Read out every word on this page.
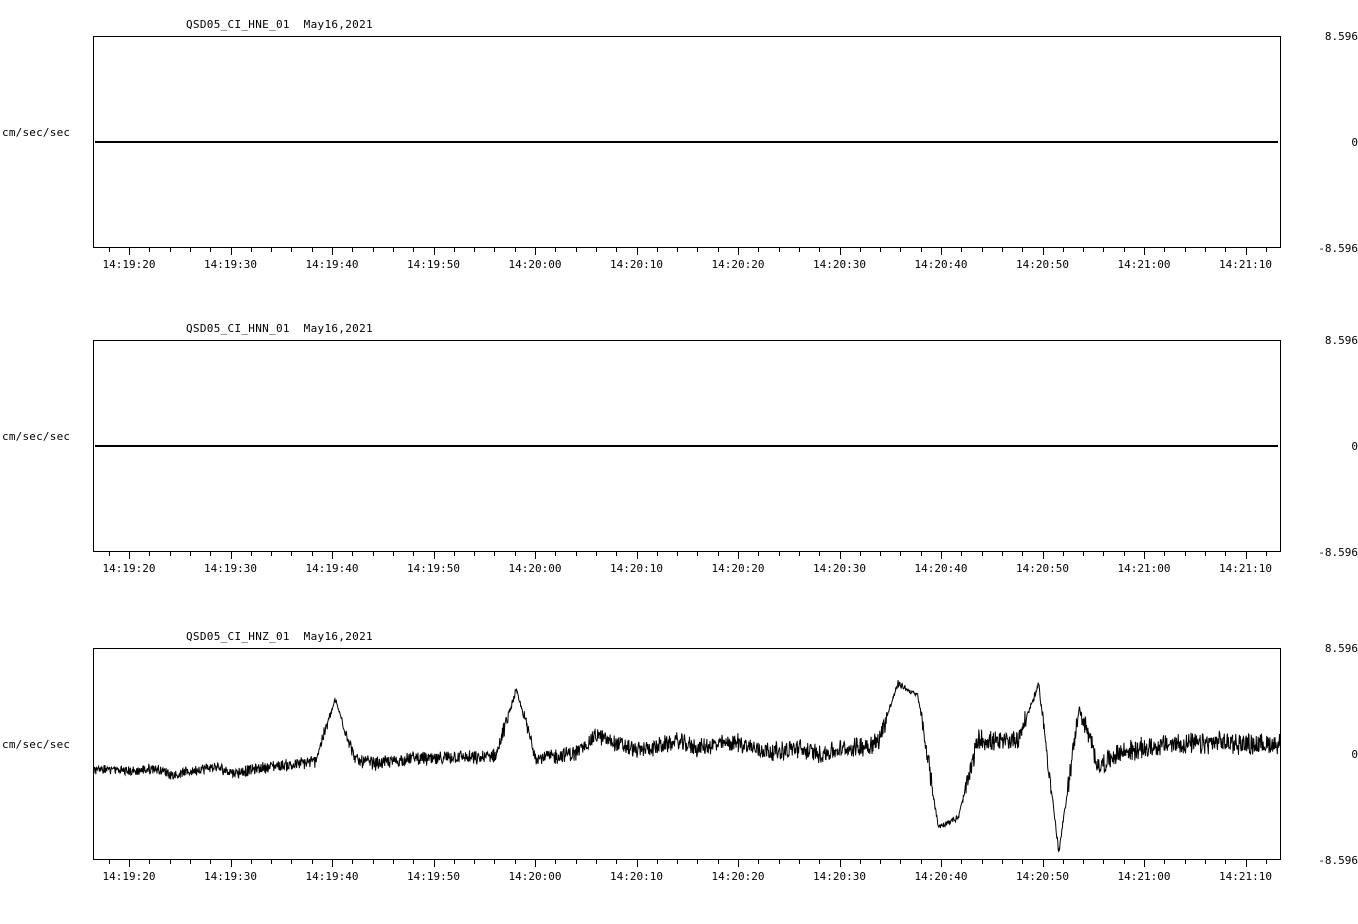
QSD05_CI_HNE_01  May16,2021
cm/sec/sec
8.596
0
-8.596
14:19:20	14:19:30	14:19:40	14:19:50	14:20:00	14:20:10	14:20:20	14:20:30	14:20:40	14:20:50	14:21:00	14:21:10
QSD05_CI_HNN_01  May16,2021
cm/sec/sec
8.596
0
-8.596
14:19:20	14:19:30	14:19:40	14:19:50	14:20:00	14:20:10	14:20:20	14:20:30	14:20:40	14:20:50	14:21:00	14:21:10
QSD05_CI_HNZ_01  May16,2021
cm/sec/sec
8.596
0
-8.596
14:19:20	14:19:30	14:19:40	14:19:50	14:20:00	14:20:10	14:20:20	14:20:30	14:20:40	14:20:50	14:21:00	14:21:10
